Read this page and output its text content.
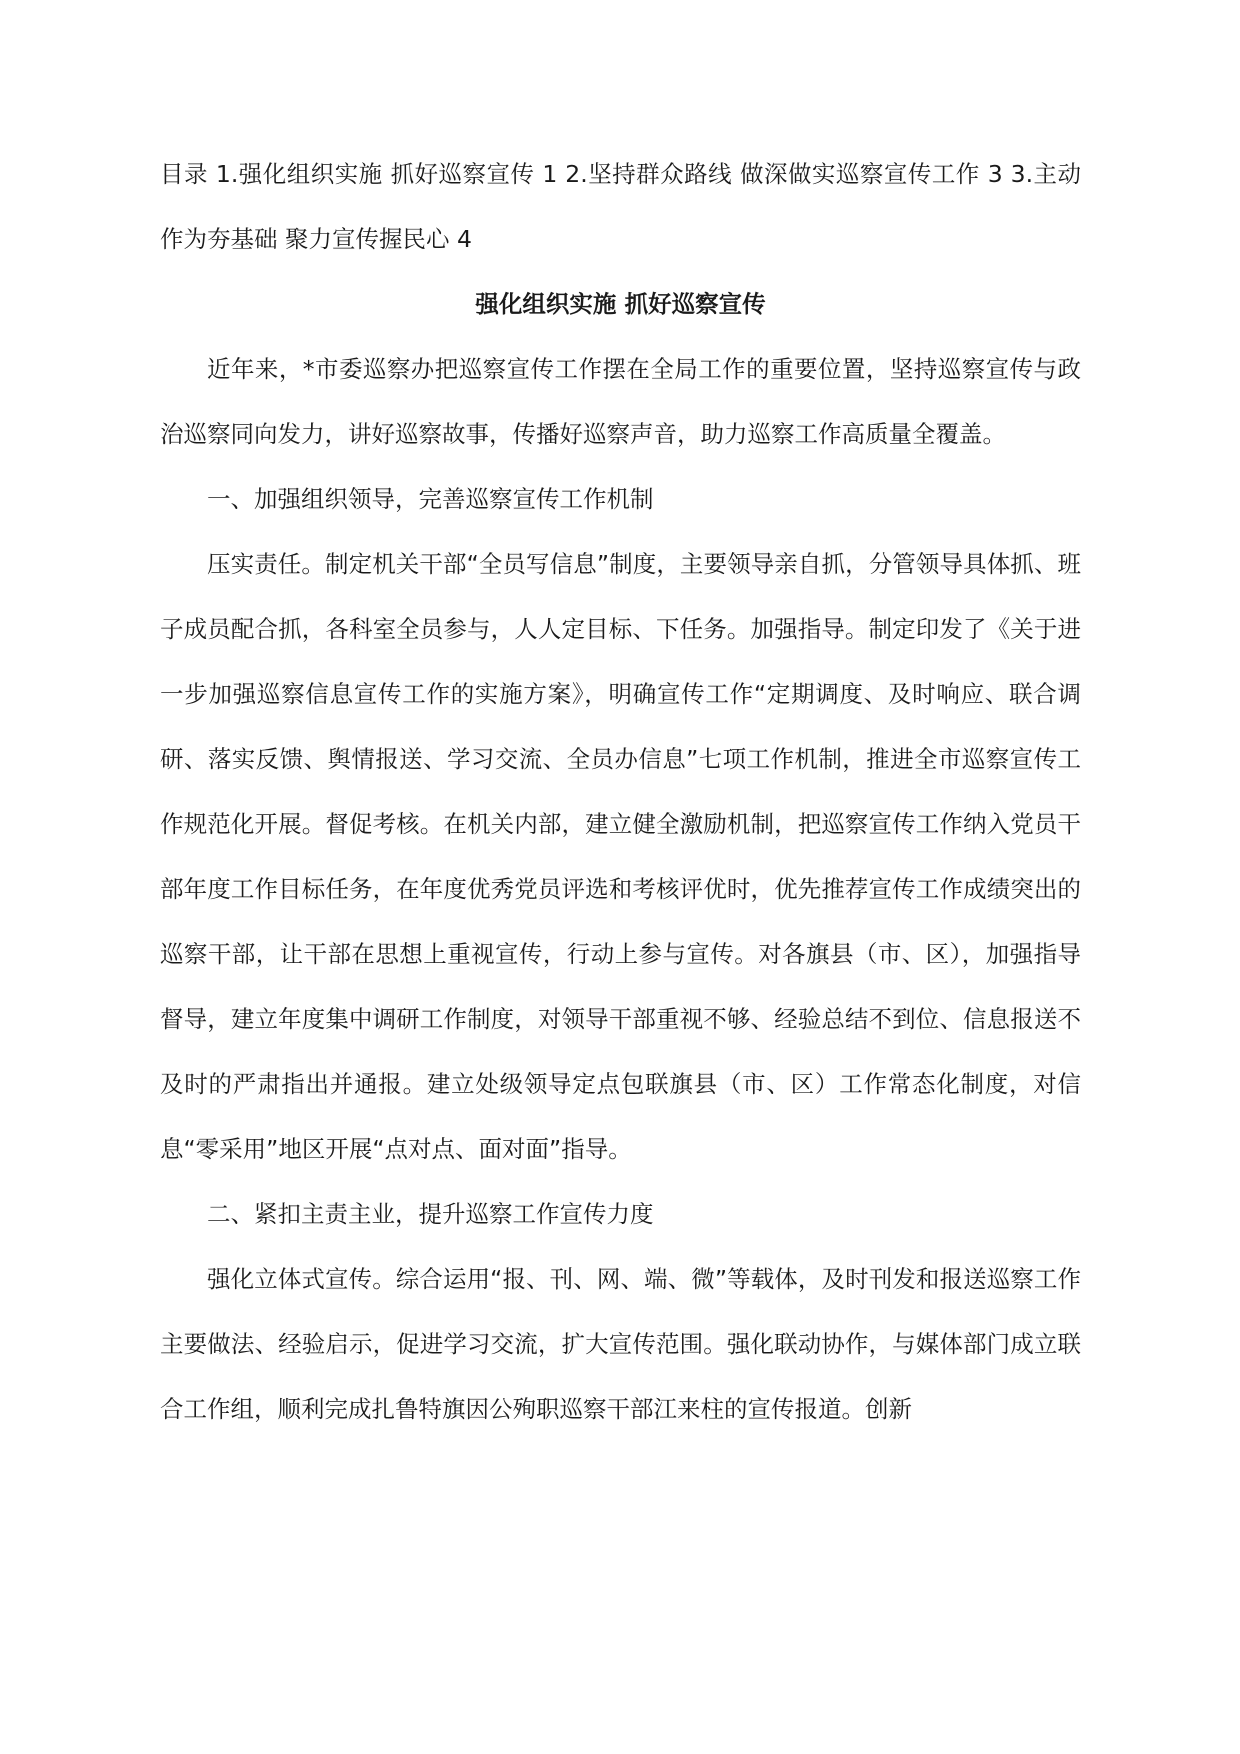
目录 1.强化组织实施 抓好巡察宣传 1 2.坚持群众路线 做深做实巡察宣传工作 3 3.主动作为夯基础 聚力宣传握民心 4

强化组织实施 抓好巡察宣传

近年来，*市委巡察办把巡察宣传工作摆在全局工作的重要位置，坚持巡察宣传与政治巡察同向发力，讲好巡察故事，传播好巡察声音，助力巡察工作高质量全覆盖。

一、加强组织领导，完善巡察宣传工作机制

压实责任。制定机关干部“全员写信息”制度，主要领导亲自抓，分管领导具体抓、班子成员配合抓，各科室全员参与，人人定目标、下任务。加强指导。制定印发了《关于进一步加强巡察信息宣传工作的实施方案》，明确宣传工作“定期调度、及时响应、联合调研、落实反馈、舆情报送、学习交流、全员办信息”七项工作机制，推进全市巡察宣传工作规范化开展。督促考核。在机关内部，建立健全激励机制，把巡察宣传工作纳入党员干部年度工作目标任务，在年度优秀党员评选和考核评优时，优先推荐宣传工作成绩突出的巡察干部，让干部在思想上重视宣传，行动上参与宣传。对各旗县（市、区），加强指导督导，建立年度集中调研工作制度，对领导干部重视不够、经验总结不到位、信息报送不及时的严肃指出并通报。建立处级领导定点包联旗县（市、区）工作常态化制度，对信息“零采用”地区开展“点对点、面对面”指导。

二、紧扣主责主业，提升巡察工作宣传力度

强化立体式宣传。综合运用“报、刊、网、端、微”等载体，及时刊发和报送巡察工作主要做法、经验启示，促进学习交流，扩大宣传范围。强化联动协作，与媒体部门成立联合工作组，顺利完成扎鲁特旗因公殉职巡察干部江来柱的宣传报道。创新
